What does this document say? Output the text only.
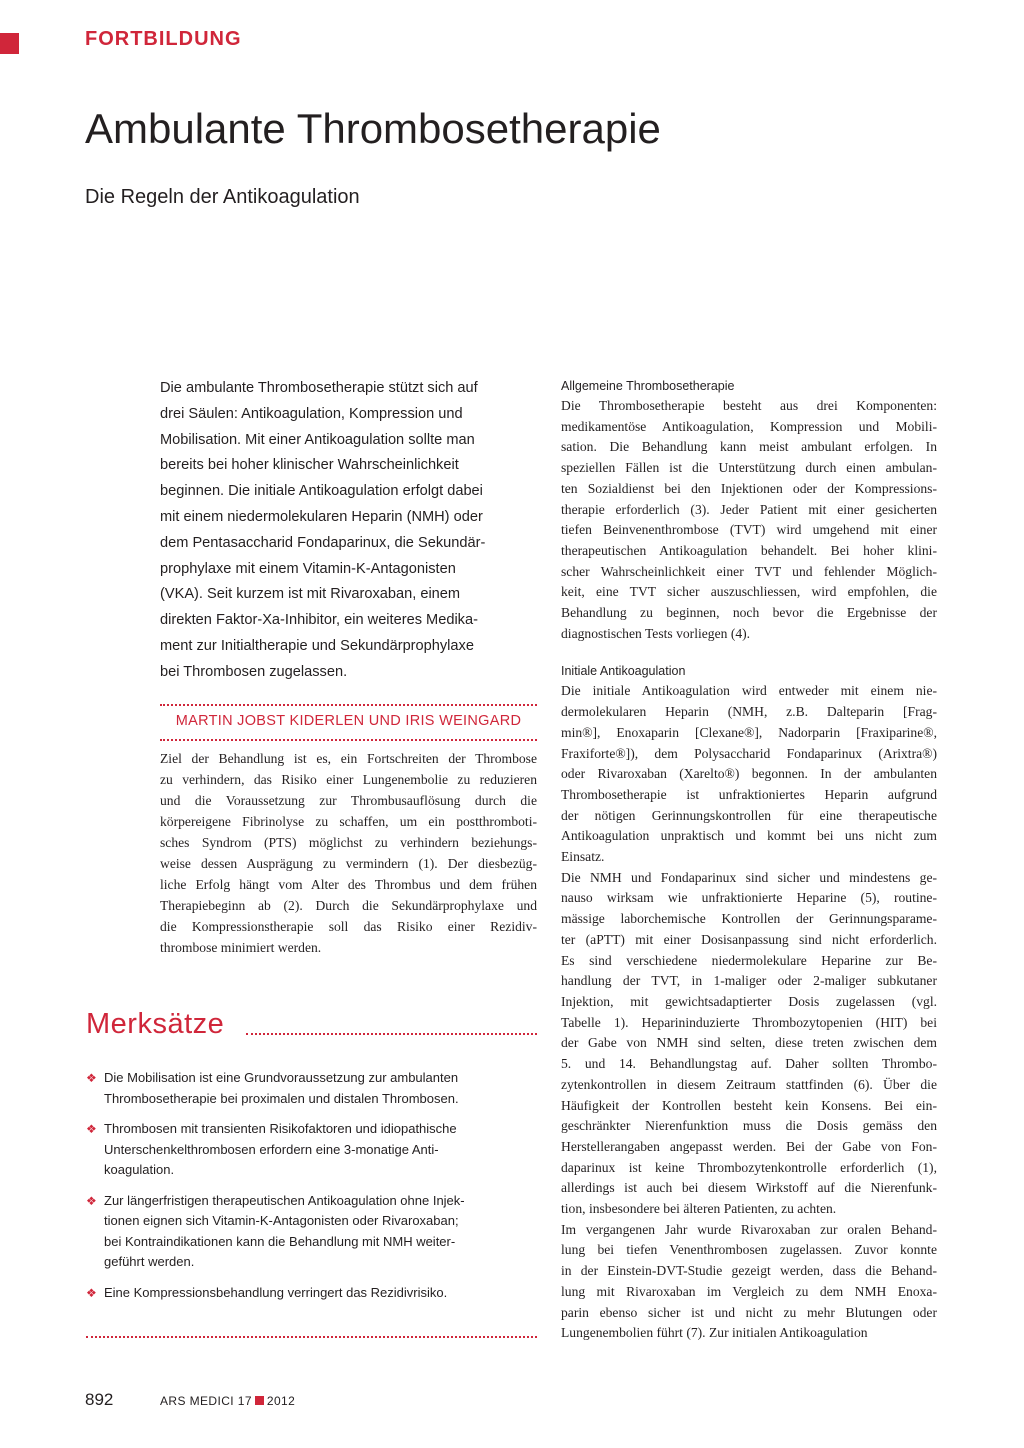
FORTBILDUNG
Ambulante Thrombosetherapie
Die Regeln der Antikoagulation
Die ambulante Thrombosetherapie stützt sich auf
drei Säulen: Antikoagulation, Kompression und
Mobilisation. Mit einer Antikoagulation sollte man
bereits bei hoher klinischer Wahrscheinlichkeit
beginnen. Die initiale Antikoagulation erfolgt dabei
mit einem niedermolekularen Heparin (NMH) oder
dem Pentasaccharid Fondaparinux, die Sekundär-
prophylaxe mit einem Vitamin-K-Antagonisten
(VKA). Seit kurzem ist mit Rivaroxaban, einem
direkten Faktor-Xa-Inhibitor, ein weiteres Medika-
ment zur Initialtherapie und Sekundärprophylaxe
bei Thrombosen zugelassen.
MARTIN JOBST KIDERLEN UND IRIS WEINGARD
Ziel der Behandlung ist es, ein Fortschreiten der Thrombose
zu verhindern, das Risiko einer Lungenembolie zu reduzieren
und die Voraussetzung zur Thrombusauflösung durch die
körpereigene Fibrinolyse zu schaffen, um ein postthromboti-
sches Syndrom (PTS) möglichst zu verhindern beziehungs-
weise dessen Ausprägung zu vermindern (1). Der diesbezüg-
liche Erfolg hängt vom Alter des Thrombus und dem frühen
Therapiebeginn ab (2). Durch die Sekundärprophylaxe und
die Kompressionstherapie soll das Risiko einer Rezidiv-
thrombose minimiert werden.
Merksätze
❖ Die Mobilisation ist eine Grundvoraussetzung zur ambulanten
Thrombosetherapie bei proximalen und distalen Thrombosen.
❖ Thrombosen mit transienten Risikofaktoren und idiopathische
Unterschenkelthrombosen erfordern eine 3-monatige Anti-
koagulation.
❖ Zur längerfristigen therapeutischen Antikoagulation ohne Injek-
tionen eignen sich Vitamin-K-Antagonisten oder Rivaroxaban;
bei Kontraindikationen kann die Behandlung mit NMH weiter-
geführt werden.
❖ Eine Kompressionsbehandlung verringert das Rezidivrisiko.
Allgemeine Thrombosetherapie
Die Thrombosetherapie besteht aus drei Komponenten:
medikamentöse Antikoagulation, Kompression und Mobili-
sation. Die Behandlung kann meist ambulant erfolgen. In
speziellen Fällen ist die Unterstützung durch einen ambulan-
ten Sozialdienst bei den Injektionen oder der Kompressions-
therapie erforderlich (3). Jeder Patient mit einer gesicherten
tiefen Beinvenenthrombose (TVT) wird umgehend mit einer
therapeutischen Antikoagulation behandelt. Bei hoher klini-
scher Wahrscheinlichkeit einer TVT und fehlender Möglich-
keit, eine TVT sicher auszuschliessen, wird empfohlen, die
Behandlung zu beginnen, noch bevor die Ergebnisse der
diagnostischen Tests vorliegen (4).
Initiale Antikoagulation
Die initiale Antikoagulation wird entweder mit einem nie-
dermolekularen Heparin (NMH, z.B. Dalteparin [Frag-
min®], Enoxaparin [Clexane®], Nadorparin [Fraxiparine®,
Fraxiforte®]), dem Polysaccharid Fondaparinux (Arixtra®)
oder Rivaroxaban (Xarelto®) begonnen. In der ambulanten
Thrombosetherapie ist unfraktioniertes Heparin aufgrund
der nötigen Gerinnungskontrollen für eine therapeutische
Antikoagulation unpraktisch und kommt bei uns nicht zum
Einsatz.
Die NMH und Fondaparinux sind sicher und mindestens ge-
nauso wirksam wie unfraktionierte Heparine (5), routine-
mässige laborchemische Kontrollen der Gerinnungsparame-
ter (aPTT) mit einer Dosisanpassung sind nicht erforderlich.
Es sind verschiedene niedermolekulare Heparine zur Be-
handlung der TVT, in 1-maliger oder 2-maliger subkutaner
Injektion, mit gewichtsadaptierter Dosis zugelassen (vgl.
Tabelle 1). Heparininduzierte Thrombozytopenien (HIT) bei
der Gabe von NMH sind selten, diese treten zwischen dem
5. und 14. Behandlungstag auf. Daher sollten Thrombo-
zytenkontrollen in diesem Zeitraum stattfinden (6). Über die
Häufigkeit der Kontrollen besteht kein Konsens. Bei ein-
geschränkter Nierenfunktion muss die Dosis gemäss den
Herstellerangaben angepasst werden. Bei der Gabe von Fon-
daparinux ist keine Thrombozytenkontrolle erforderlich (1),
allerdings ist auch bei diesem Wirkstoff auf die Nierenfunk-
tion, insbesondere bei älteren Patienten, zu achten.
Im vergangenen Jahr wurde Rivaroxaban zur oralen Behand-
lung bei tiefen Venenthrombosen zugelassen. Zuvor konnte
in der Einstein-DVT-Studie gezeigt werden, dass die Behand-
lung mit Rivaroxaban im Vergleich zu dem NMH Enoxa-
parin ebenso sicher ist und nicht zu mehr Blutungen oder
Lungenembolien führt (7). Zur initialen Antikoagulation
892	ARS MEDICI 17 2012
